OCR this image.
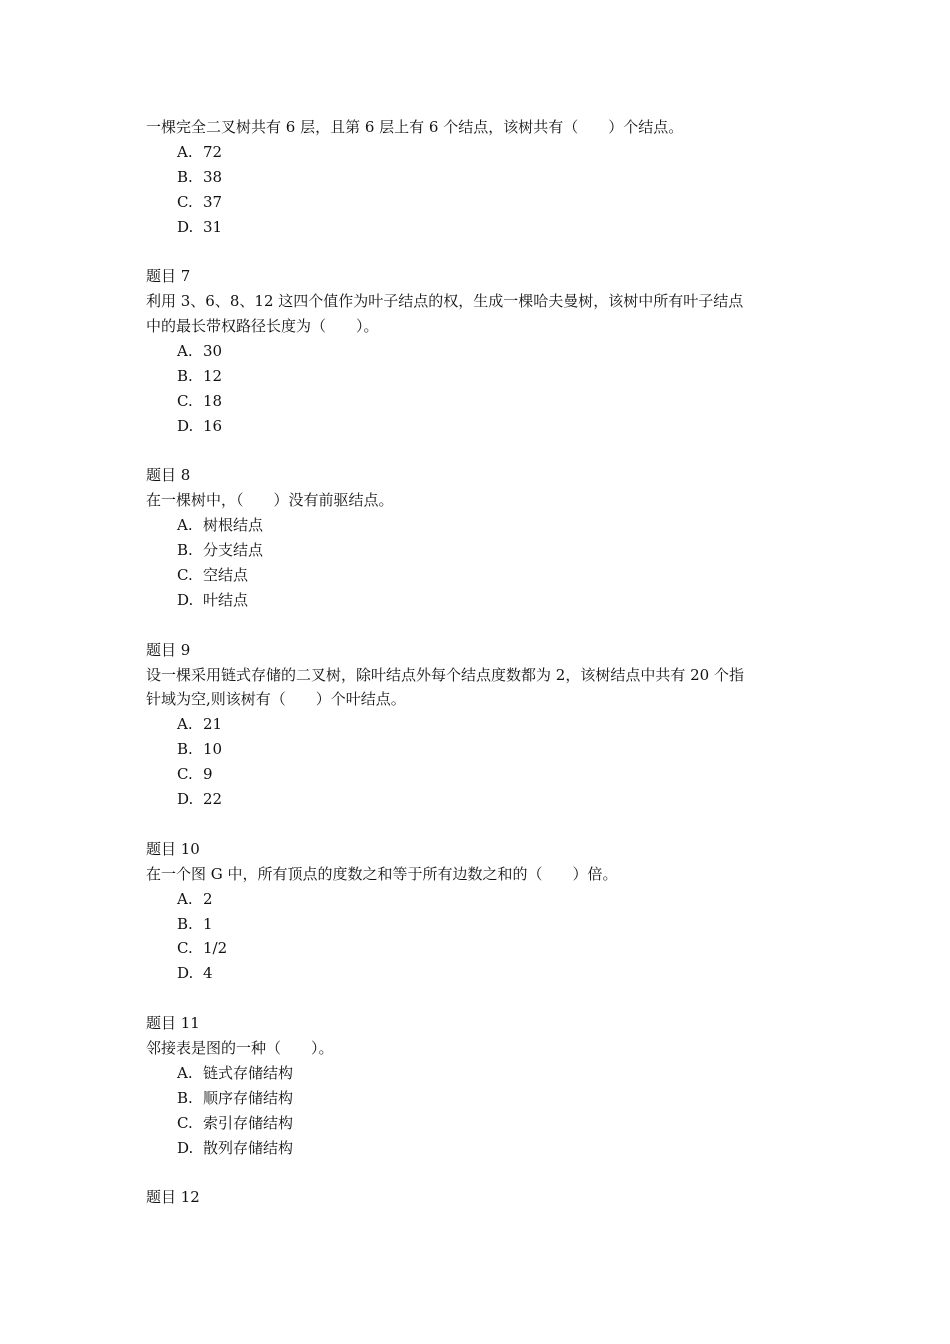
一棵完全二叉树共有 6 层，且第 6 层上有 6 个结点，该树共有（　　）个结点。
A. 72
B. 38
C. 37
D. 31
题目 7
利用 3、6、8、12 这四个值作为叶子结点的权，生成一棵哈夫曼树，该树中所有叶子结点
中的最长带权路径长度为（　　）。
A. 30
B. 12
C. 18
D. 16
题目 8
在一棵树中，（　　）没有前驱结点。
A. 树根结点
B. 分支结点
C. 空结点
D. 叶结点
题目 9
设一棵采用链式存储的二叉树，除叶结点外每个结点度数都为 2，该树结点中共有 20 个指
针域为空,则该树有（　　）个叶结点。
A. 21
B. 10
C. 9
D. 22
题目 10
在一个图 G 中，所有顶点的度数之和等于所有边数之和的（　　）倍。
A. 2
B. 1
C. 1/2
D. 4
题目 11
邻接表是图的一种（　　）。
A. 链式存储结构
B. 顺序存储结构
C. 索引存储结构
D. 散列存储结构
题目 12
